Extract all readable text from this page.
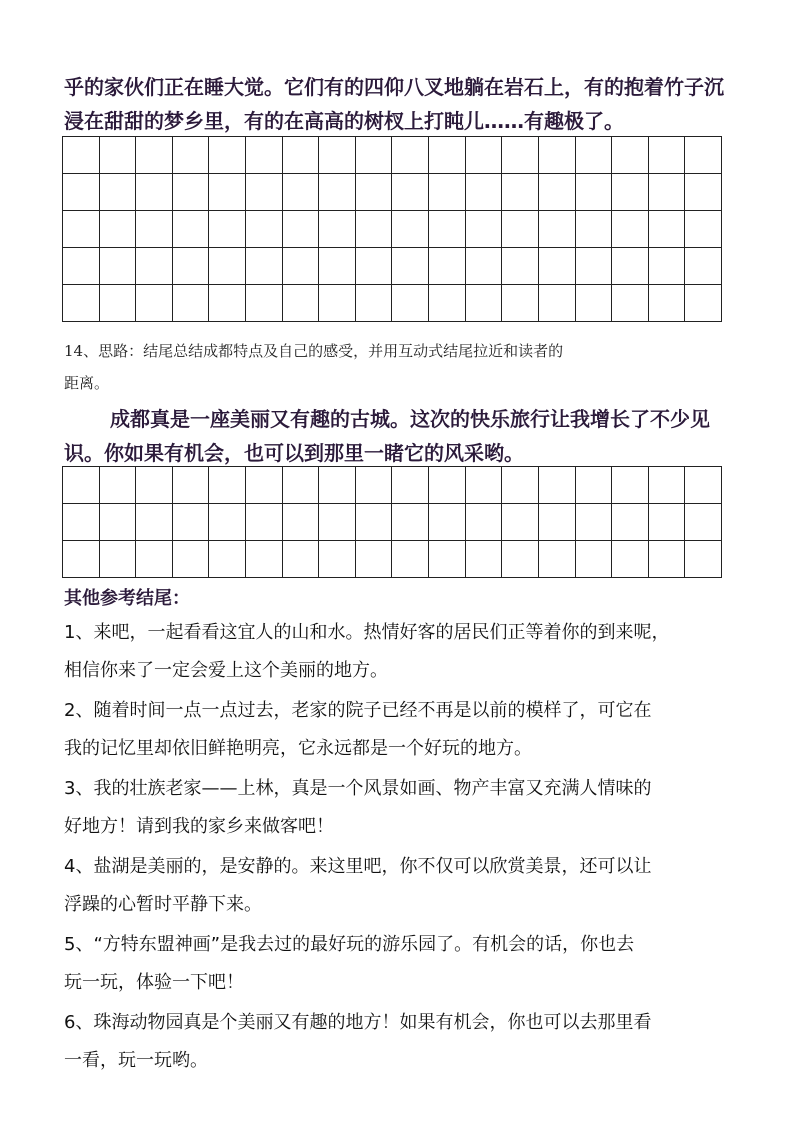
乎的家伙们正在睡大觉。它们有的四仰八叉地躺在岩石上，有的抱着竹子沉
浸在甜甜的梦乡里，有的在高高的树杈上打盹儿……有趣极了。
14、思路：结尾总结成都特点及自己的感受，并用互动式结尾拉近和读者的
距离。
成都真是一座美丽又有趣的古城。这次的快乐旅行让我增长了不少见
识。你如果有机会，也可以到那里一睹它的风采哟。
其他参考结尾：
1、来吧，一起看看这宜人的山和水。热情好客的居民们正等着你的到来呢，
相信你来了一定会爱上这个美丽的地方。
2、随着时间一点一点过去，老家的院子已经不再是以前的模样了，可它在
我的记忆里却依旧鲜艳明亮，它永远都是一个好玩的地方。
3、我的壮族老家——上林，真是一个风景如画、物产丰富又充满人情味的
好地方！请到我的家乡来做客吧！
4、盐湖是美丽的，是安静的。来这里吧，你不仅可以欣赏美景，还可以让
浮躁的心暂时平静下来。
5、“方特东盟神画”是我去过的最好玩的游乐园了。有机会的话，你也去
玩一玩，体验一下吧！
6、珠海动物园真是个美丽又有趣的地方！如果有机会，你也可以去那里看
一看，玩一玩哟。
